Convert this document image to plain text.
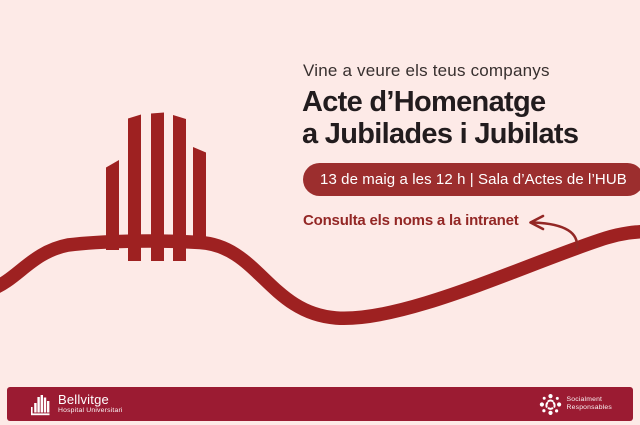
Vine a veure els teus companys
Acte d’Homenatge
a Jubilades i Jubilats
13 de maig a les 12 h | Sala d’Actes de l’HUB
Consulta els noms a la intranet
Bellvitge
Hospital Universitari
Socialment
Responsables
